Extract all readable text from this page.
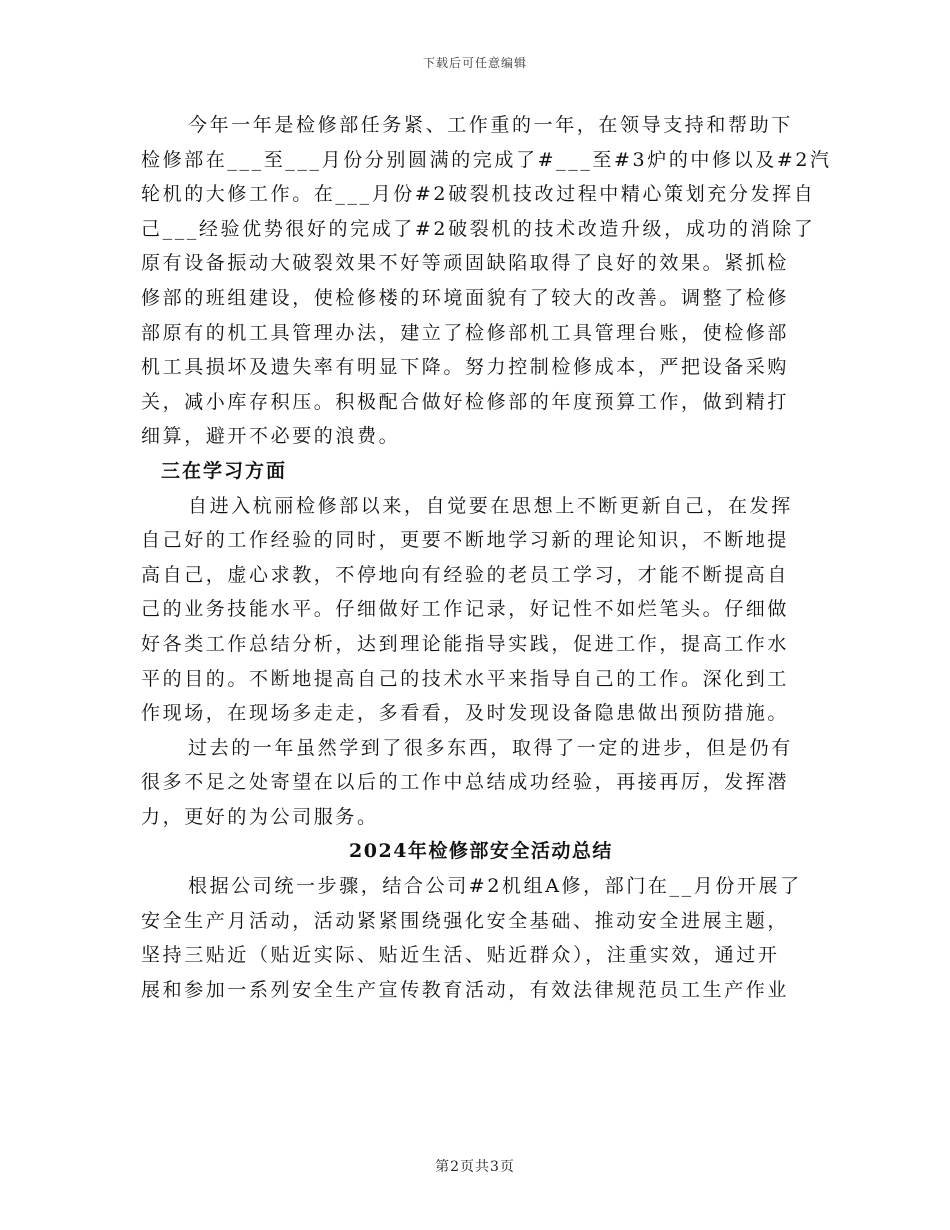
下载后可任意编辑
今年一年是检修部任务紧、工作重的一年，在领导支持和帮助下
检修部在___至___月份分别圆满的完成了#___至#3炉的中修以及#2汽
轮机的大修工作。在___月份#2破裂机技改过程中精心策划充分发挥自
己___经验优势很好的完成了#2破裂机的技术改造升级，成功的消除了
原有设备振动大破裂效果不好等顽固缺陷取得了良好的效果。紧抓检
修部的班组建设，使检修楼的环境面貌有了较大的改善。调整了检修
部原有的机工具管理办法，建立了检修部机工具管理台账，使检修部
机工具损坏及遗失率有明显下降。努力控制检修成本，严把设备采购
关，减小库存积压。积极配合做好检修部的年度预算工作，做到精打
细算，避开不必要的浪费。
三在学习方面
自进入杭丽检修部以来，自觉要在思想上不断更新自己，在发挥
自己好的工作经验的同时，更要不断地学习新的理论知识，不断地提
高自己，虚心求教，不停地向有经验的老员工学习，才能不断提高自
己的业务技能水平。仔细做好工作记录，好记性不如烂笔头。仔细做
好各类工作总结分析，达到理论能指导实践，促进工作，提高工作水
平的目的。不断地提高自己的技术水平来指导自己的工作。深化到工
作现场，在现场多走走，多看看，及时发现设备隐患做出预防措施。
过去的一年虽然学到了很多东西，取得了一定的进步，但是仍有
很多不足之处寄望在以后的工作中总结成功经验，再接再厉，发挥潜
力，更好的为公司服务。
2024年检修部安全活动总结
根据公司统一步骤，结合公司#2机组A修，部门在__月份开展了
安全生产月活动，活动紧紧围绕强化安全基础、推动安全进展主题，
坚持三贴近（贴近实际、贴近生活、贴近群众），注重实效，通过开
展和参加一系列安全生产宣传教育活动，有效法律规范员工生产作业
第2页共3页
